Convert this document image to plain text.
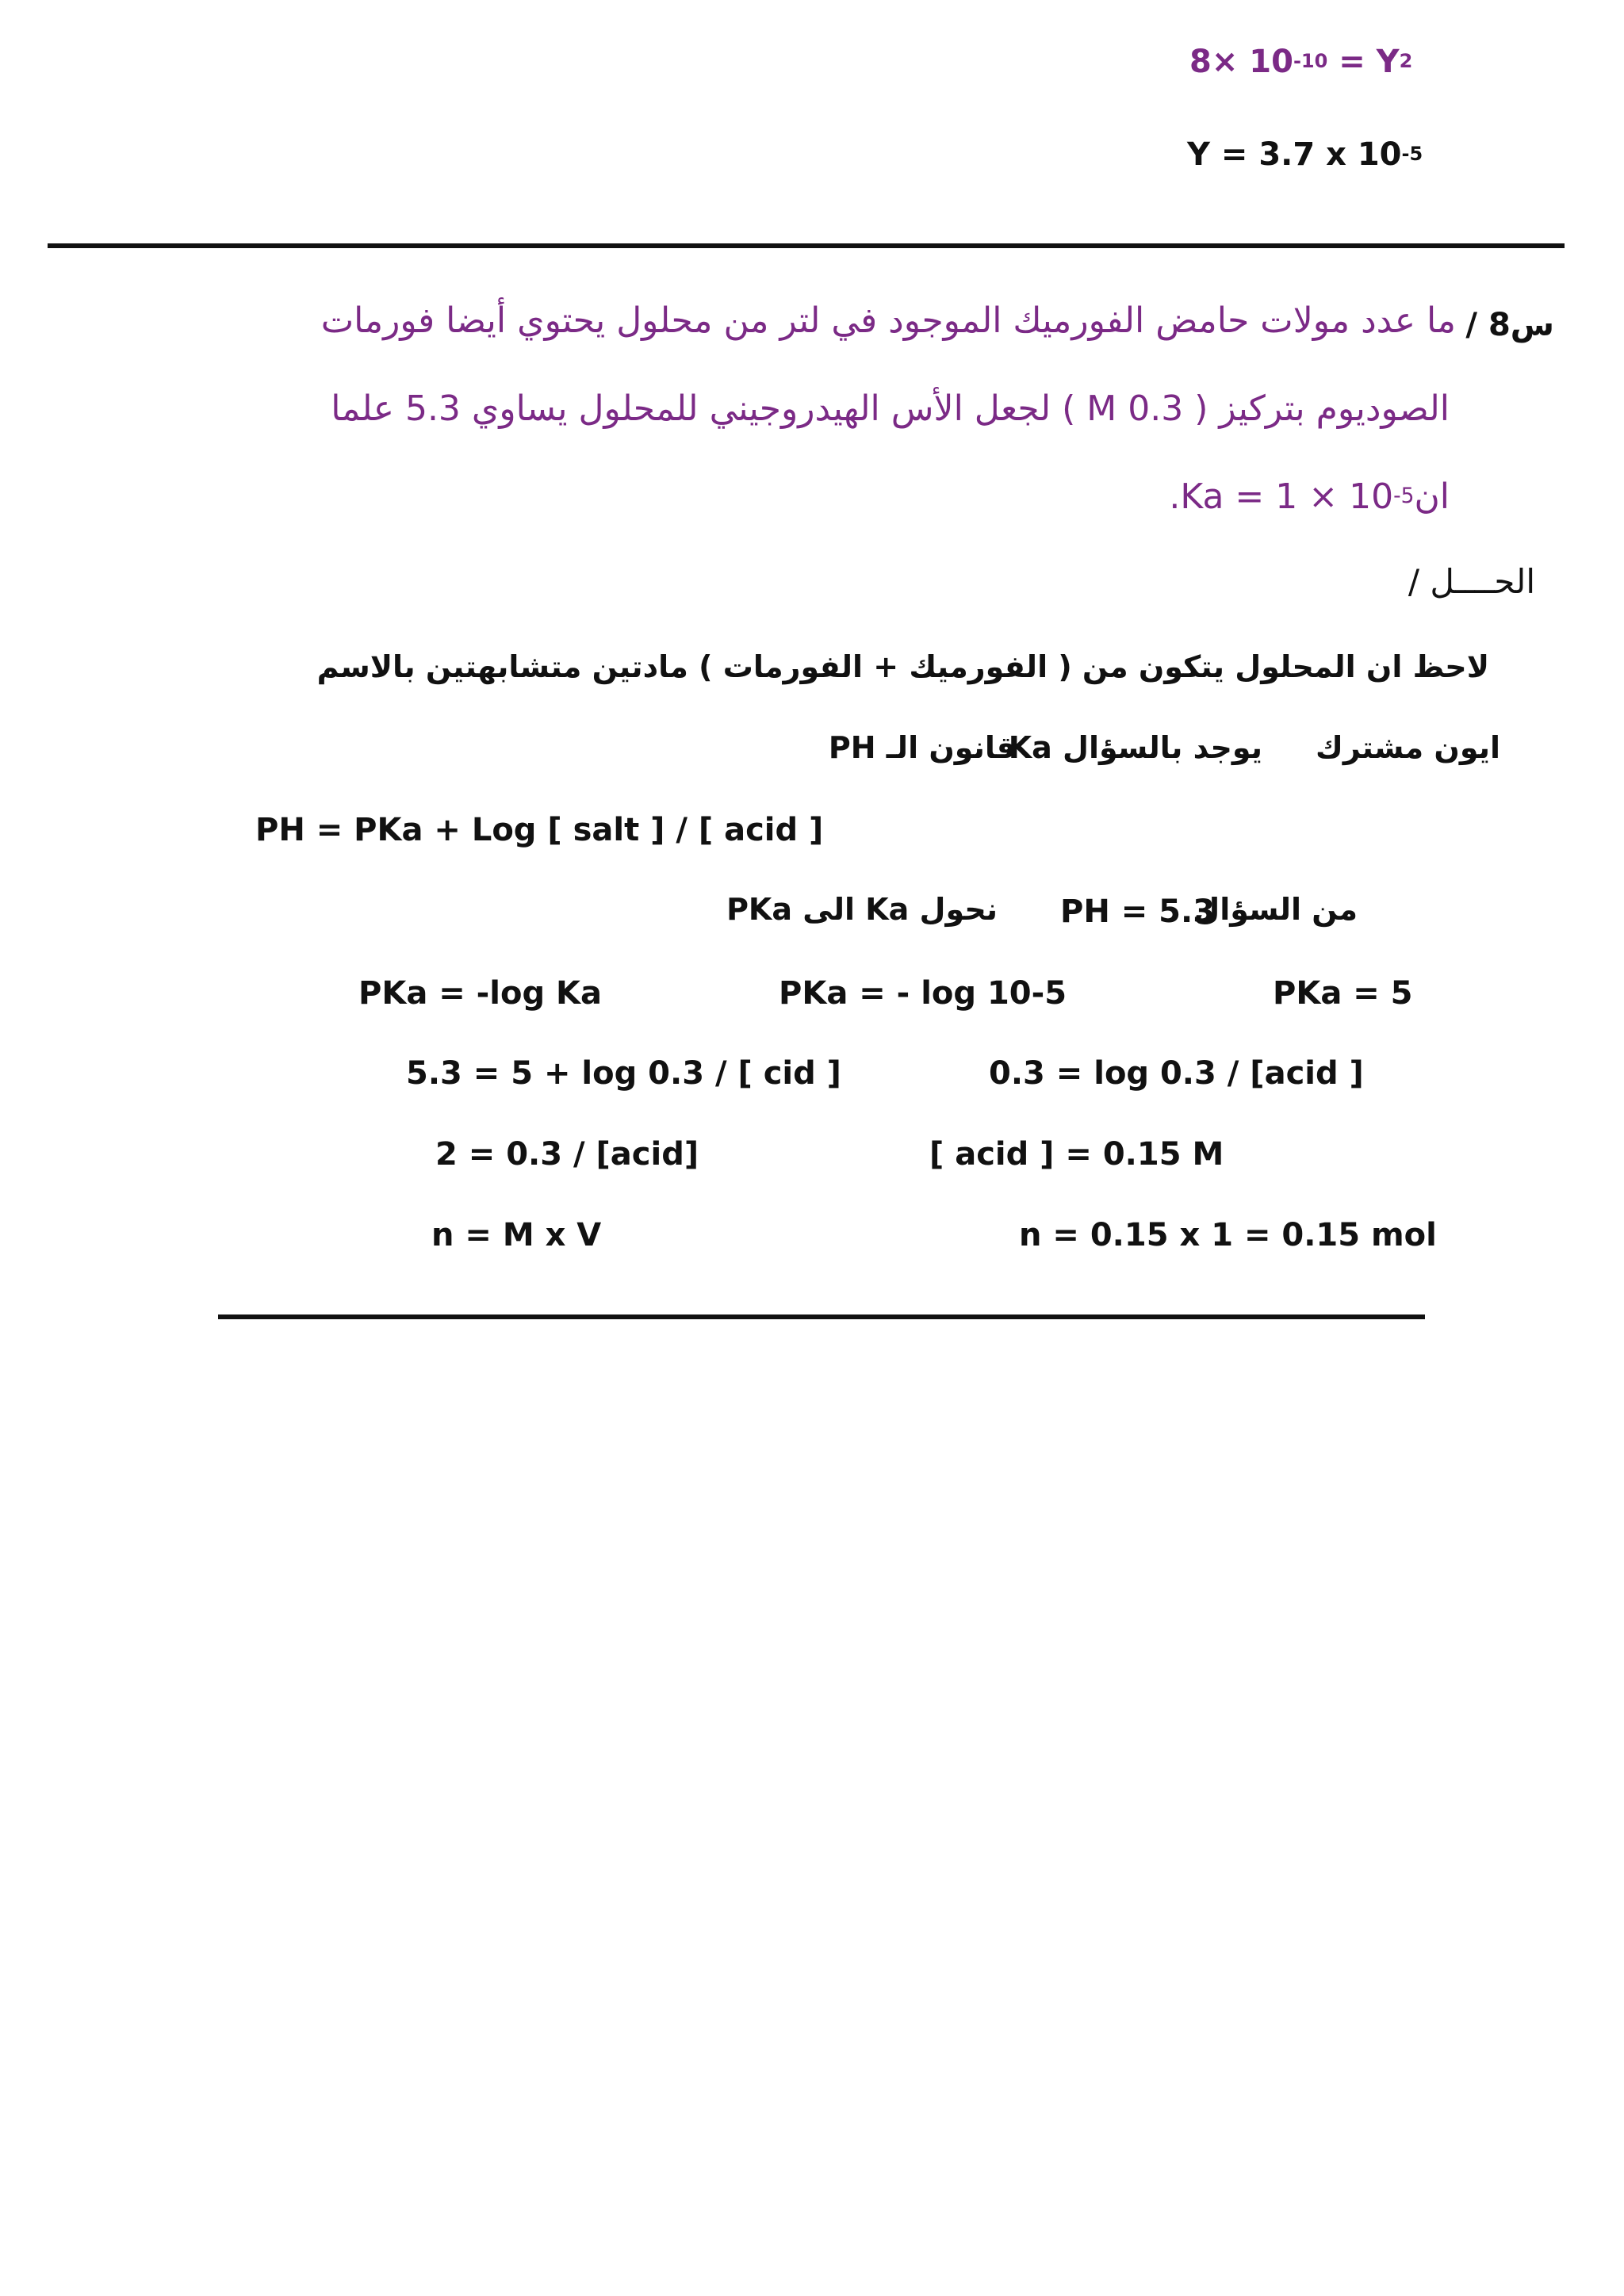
$8\times 10^{-10} = Y^2$
Y = 3.7 x $10^{-5}$
س8 /
ما عدد مولات حامض الفورميك الموجود في لتر من محلول يحتوي أيضا فورمات
الصوديوم بتركيز ( 0.3 M ) لجعل الأس الهيدروجيني للمحلول يساوي 5.3 علما
$.Ka = 1 \times 10^{-5}ان$
الحــــل /
لاحظ ان المحلول يتكون من ( الفورميك + الفورمات ) مادتين متشابهتين بالاسم
ايون مشترك
يوجد بالسؤال Ka
قانون الـ PH
PH = PKa + Log [ salt ] / [ acid ]
من السؤال
PH = 5.3
نحول Ka الى PKa
PKa = -log Ka	PKa = - log 10-5	PKa = 5
5.3 = 5 + log 0.3 / [ cid ]	0.3 = log 0.3 / [acid ]
2 = 0.3 / [acid]	[ acid ] = 0.15 M
n = M x V	n = 0.15 x 1 = 0.15 mol
